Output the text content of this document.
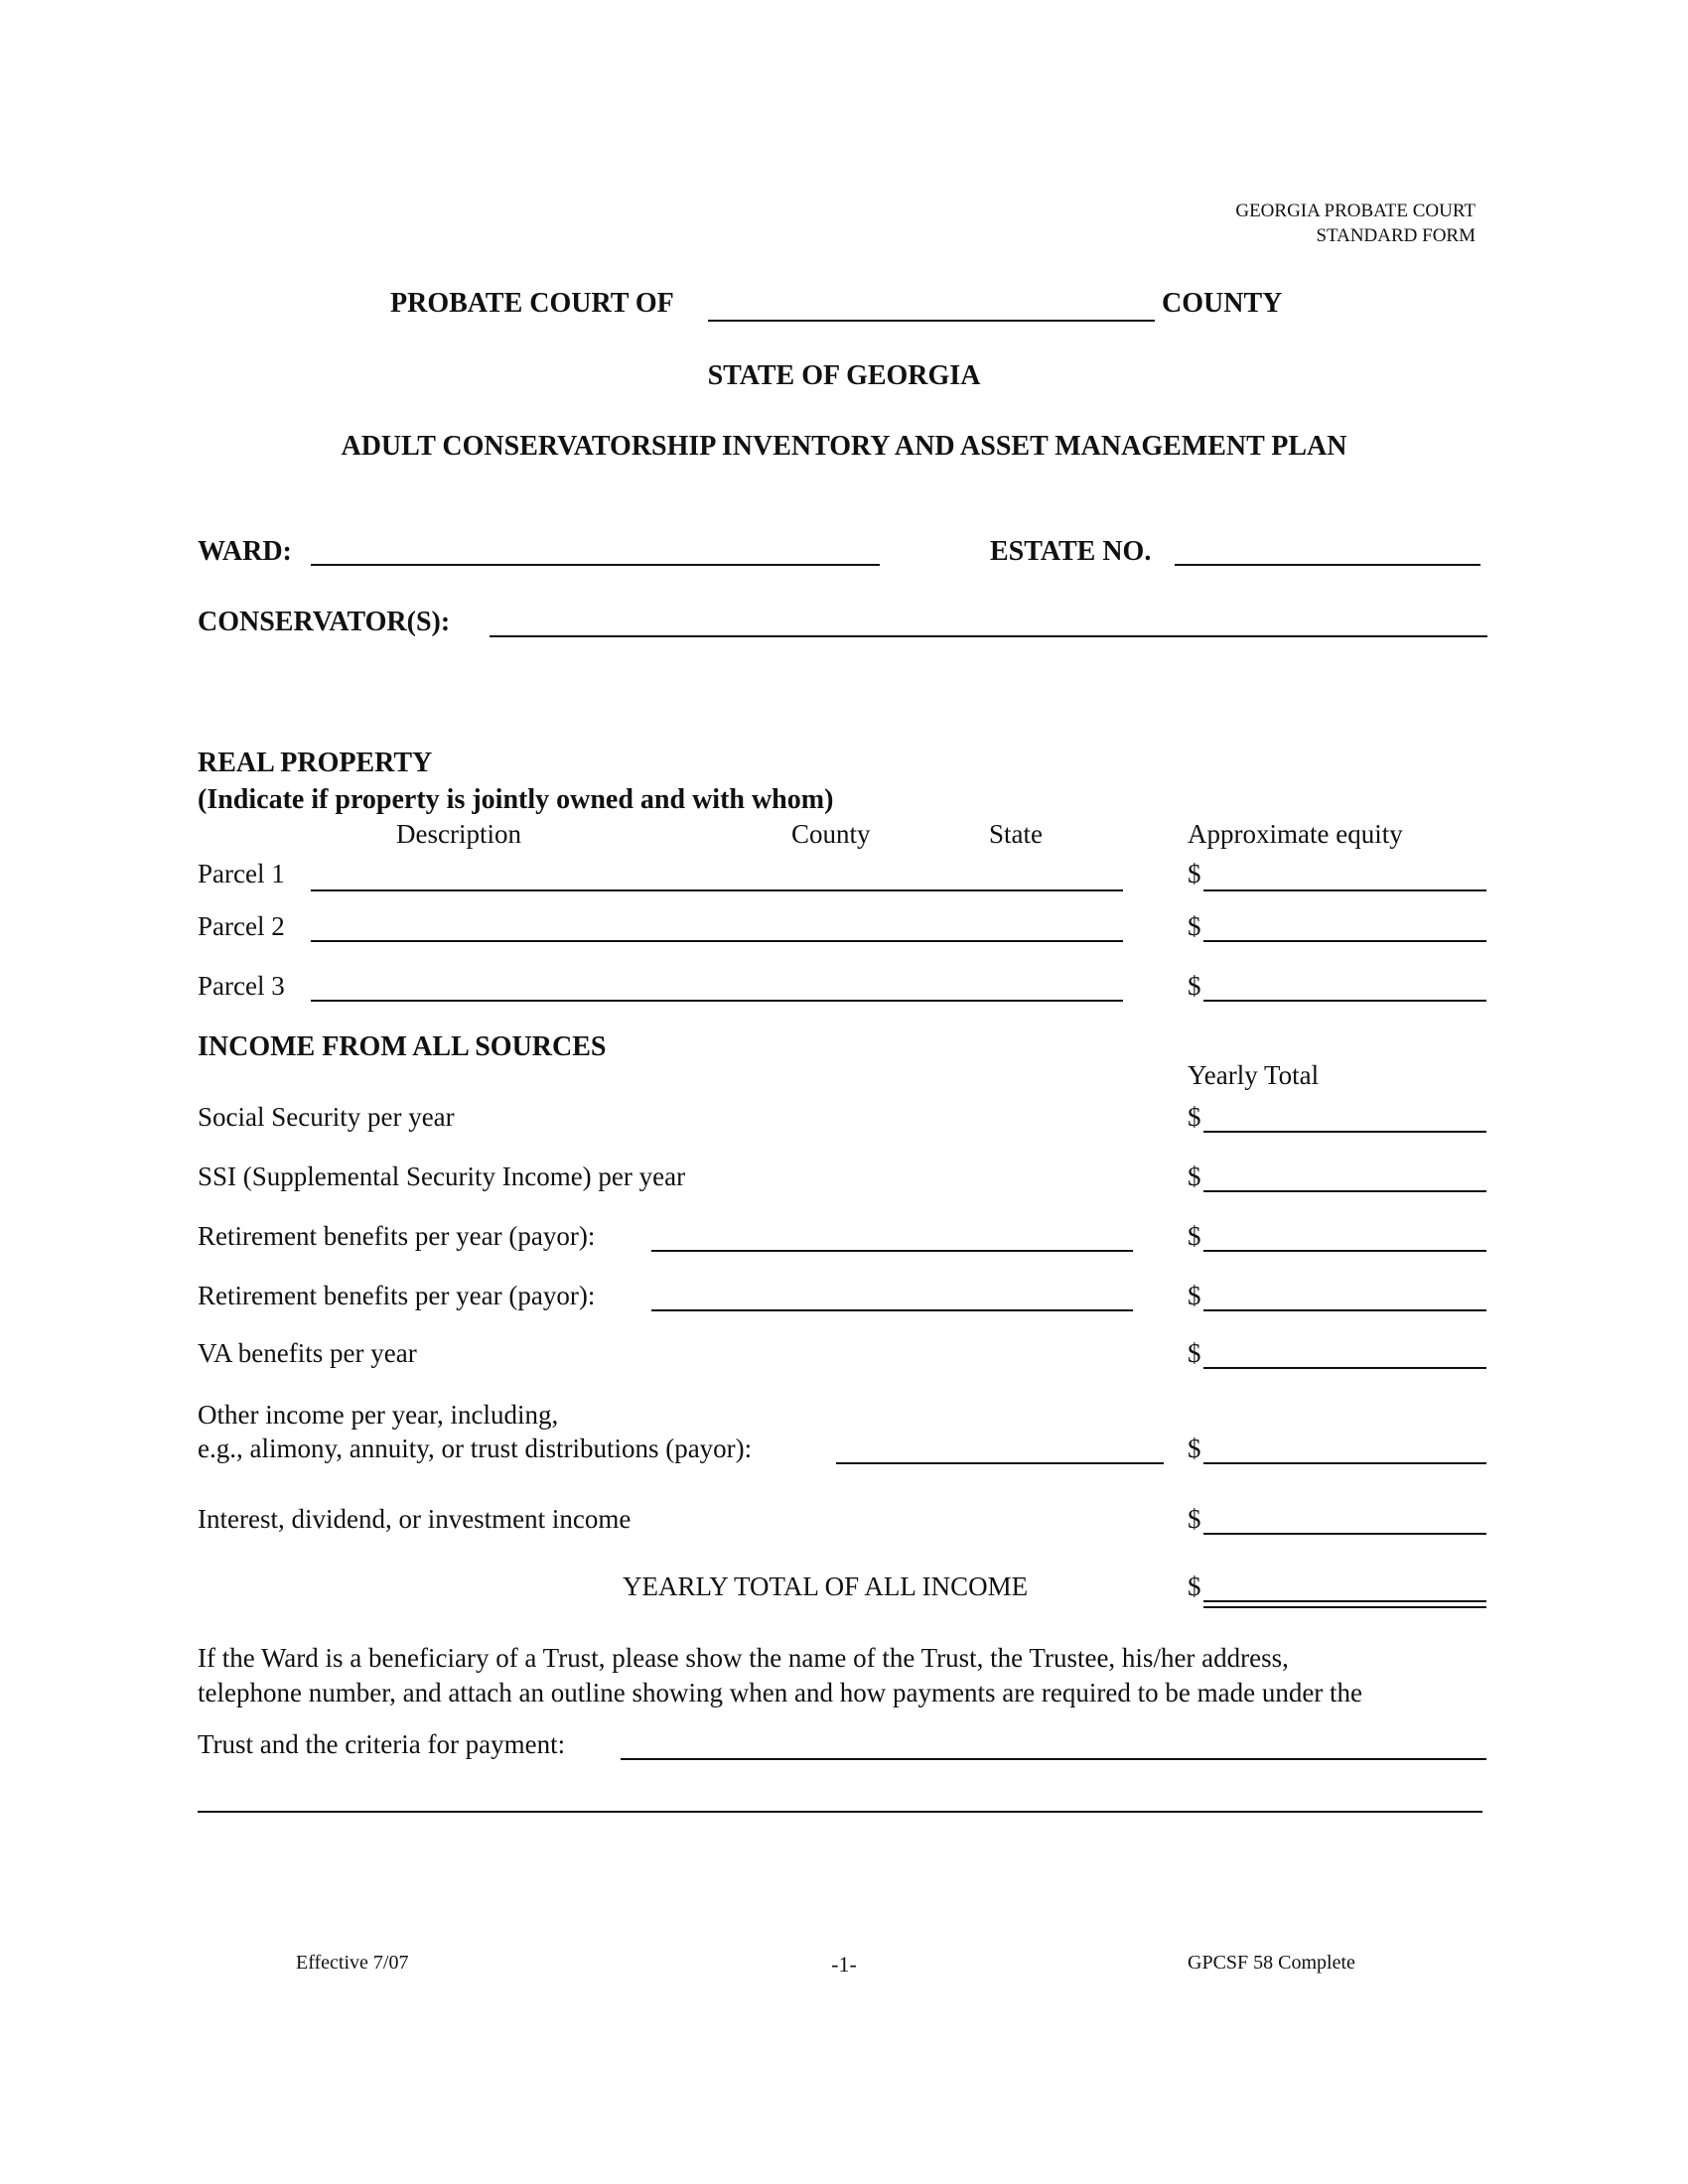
GEORGIA PROBATE COURT
STANDARD FORM
PROBATE COURT OF	COUNTY
STATE OF GEORGIA
ADULT CONSERVATORSHIP INVENTORY AND ASSET MANAGEMENT PLAN
WARD:	ESTATE NO.
CONSERVATOR(S):
REAL PROPERTY
(Indicate if property is jointly owned and with whom)
Description	County	State	Approximate equity
Parcel 1	$
Parcel 2	$
Parcel 3	$
INCOME FROM ALL SOURCES
Yearly Total
Social Security per year	$
SSI (Supplemental Security Income) per year	$
Retirement benefits per year (payor):	$
Retirement benefits per year (payor):	$
VA benefits per year	$
Other income per year, including,
e.g., alimony, annuity, or trust distributions (payor):	$
Interest, dividend, or investment income	$
YEARLY TOTAL OF ALL INCOME	$
If the Ward is a beneficiary of a Trust, please show the name of the Trust, the Trustee, his/her address,
telephone number, and attach an outline showing when and how payments are required to be made under the
Trust and the criteria for payment:
Effective 7/07	-1-	GPCSF 58 Complete
